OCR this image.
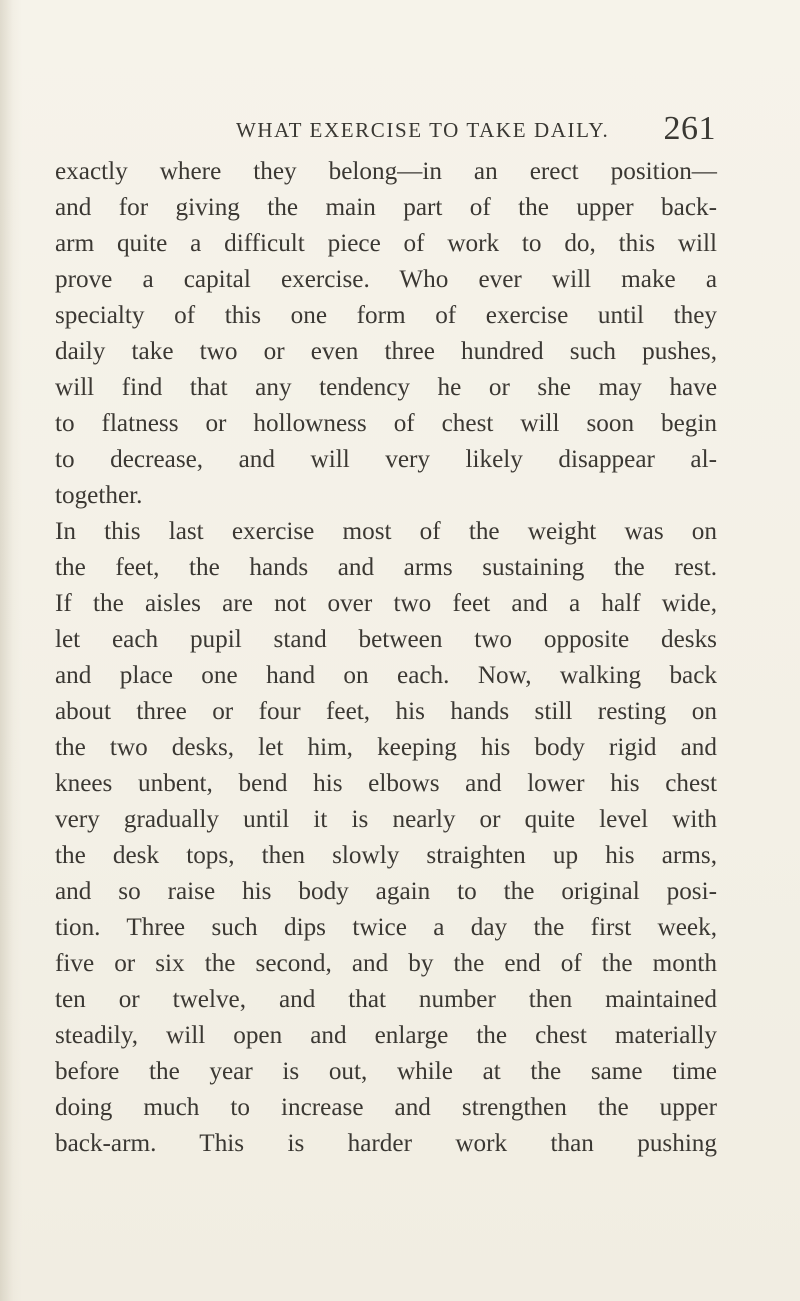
WHAT EXERCISE TO TAKE DAILY. 261
exactly where they belong—in an erect position—
and for giving the main part of the upper back-
arm quite a difficult piece of work to do, this will
prove a capital exercise. Who ever will make a
specialty of this one form of exercise until they
daily take two or even three hundred such pushes,
will find that any tendency he or she may have
to flatness or hollowness of chest will soon begin
to decrease, and will very likely disappear al-
together.
In this last exercise most of the weight was on
the feet, the hands and arms sustaining the rest.
If the aisles are not over two feet and a half wide,
let each pupil stand between two opposite desks
and place one hand on each. Now, walking back
about three or four feet, his hands still resting on
the two desks, let him, keeping his body rigid and
knees unbent, bend his elbows and lower his chest
very gradually until it is nearly or quite level with
the desk tops, then slowly straighten up his arms,
and so raise his body again to the original posi-
tion. Three such dips twice a day the first week,
five or six the second, and by the end of the month
ten or twelve, and that number then maintained
steadily, will open and enlarge the chest materially
before the year is out, while at the same time
doing much to increase and strengthen the upper
back-arm. This is harder work than pushing
